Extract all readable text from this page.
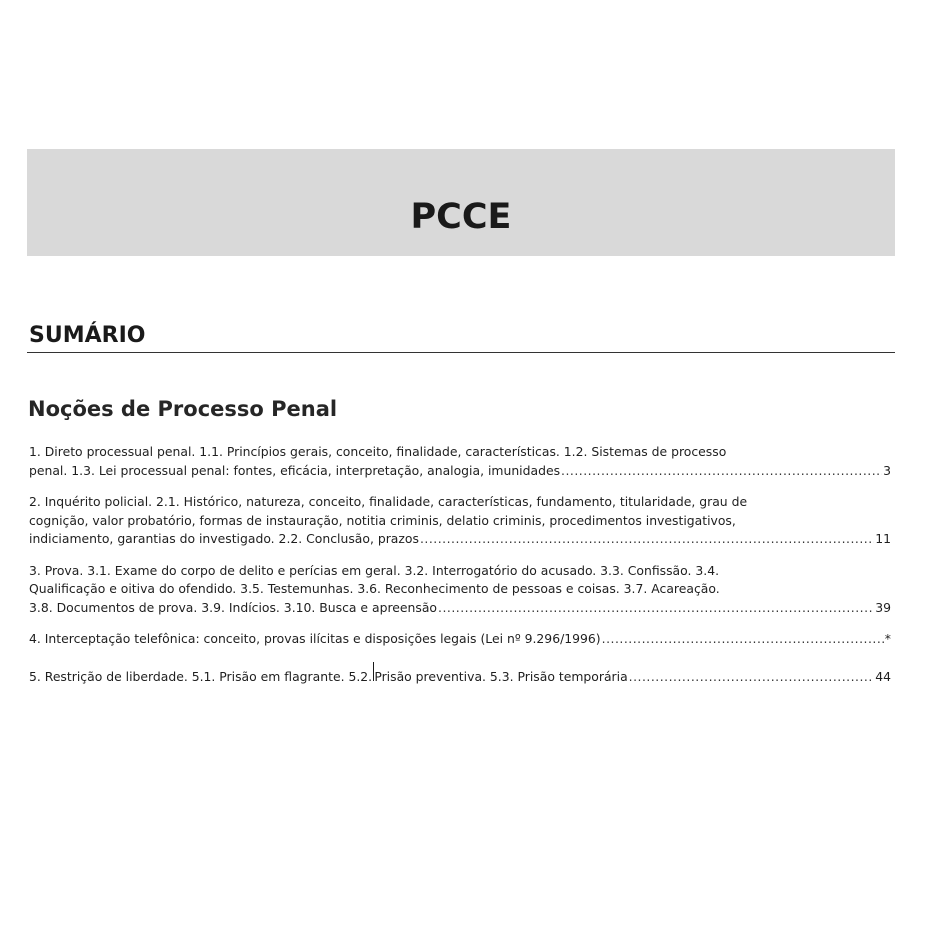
PCCE
SUMÁRIO
Noções de Processo Penal
1. Direto processual penal. 1.1. Princípios gerais, conceito, finalidade, características. 1.2. Sistemas de processo
penal. 1.3. Lei processual penal: fontes, eficácia, interpretação, analogia, imunidades .....	3
2. Inquérito policial. 2.1. Histórico, natureza, conceito, finalidade, características, fundamento, titularidade, grau de
cognição, valor probatório, formas de instauração, notitia criminis, delatio criminis, procedimentos investigativos,
indiciamento, garantias do investigado. 2.2. Conclusão, prazos .....	11
3. Prova. 3.1. Exame do corpo de delito e perícias em geral. 3.2. Interrogatório do acusado. 3.3. Confissão. 3.4.
Qualificação e oitiva do ofendido. 3.5. Testemunhas. 3.6. Reconhecimento de pessoas e coisas. 3.7. Acareação.
3.8. Documentos de prova. 3.9. Indícios. 3.10. Busca e apreensão .....	39
4. Interceptação telefônica: conceito, provas ilícitas e disposições legais (Lei nº 9.296/1996) .....	*
5. Restrição de liberdade. 5.1. Prisão em flagrante. 5.2. Prisão preventiva. 5.3. Prisão temporária .....	44
